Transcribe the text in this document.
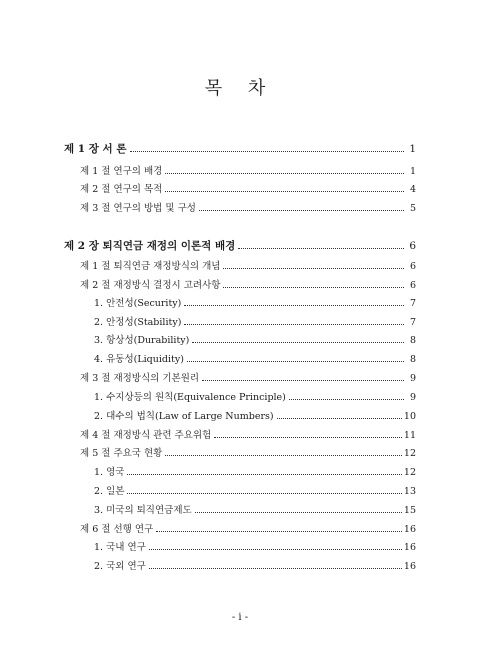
목 차
제 1 장 서 론	1
제 1 절 연구의 배경	1
제 2 절 연구의 목적	4
제 3 절 연구의 방법 및 구성	5
제 2 장 퇴직연금 재정의 이론적 배경	6
제 1 절 퇴직연금 재정방식의 개념	6
제 2 절 재정방식 결정시 고려사항	6
1. 안전성(Security)	7
2. 안정성(Stability)	7
3. 항상성(Durability)	8
4. 유동성(Liquidity)	8
제 3 절 재정방식의 기본원리	9
1. 수지상등의 원칙(Equivalence Principle)	9
2. 대수의 법칙(Law of Large Numbers)	10
제 4 절 재정방식 관련 주요위험	11
제 5 절 주요국 현황	12
1. 영국	12
2. 일본	13
3. 미국의 퇴직연금제도	15
제 6 절 선행 연구	16
1. 국내 연구	16
2. 국외 연구	16
- i -
